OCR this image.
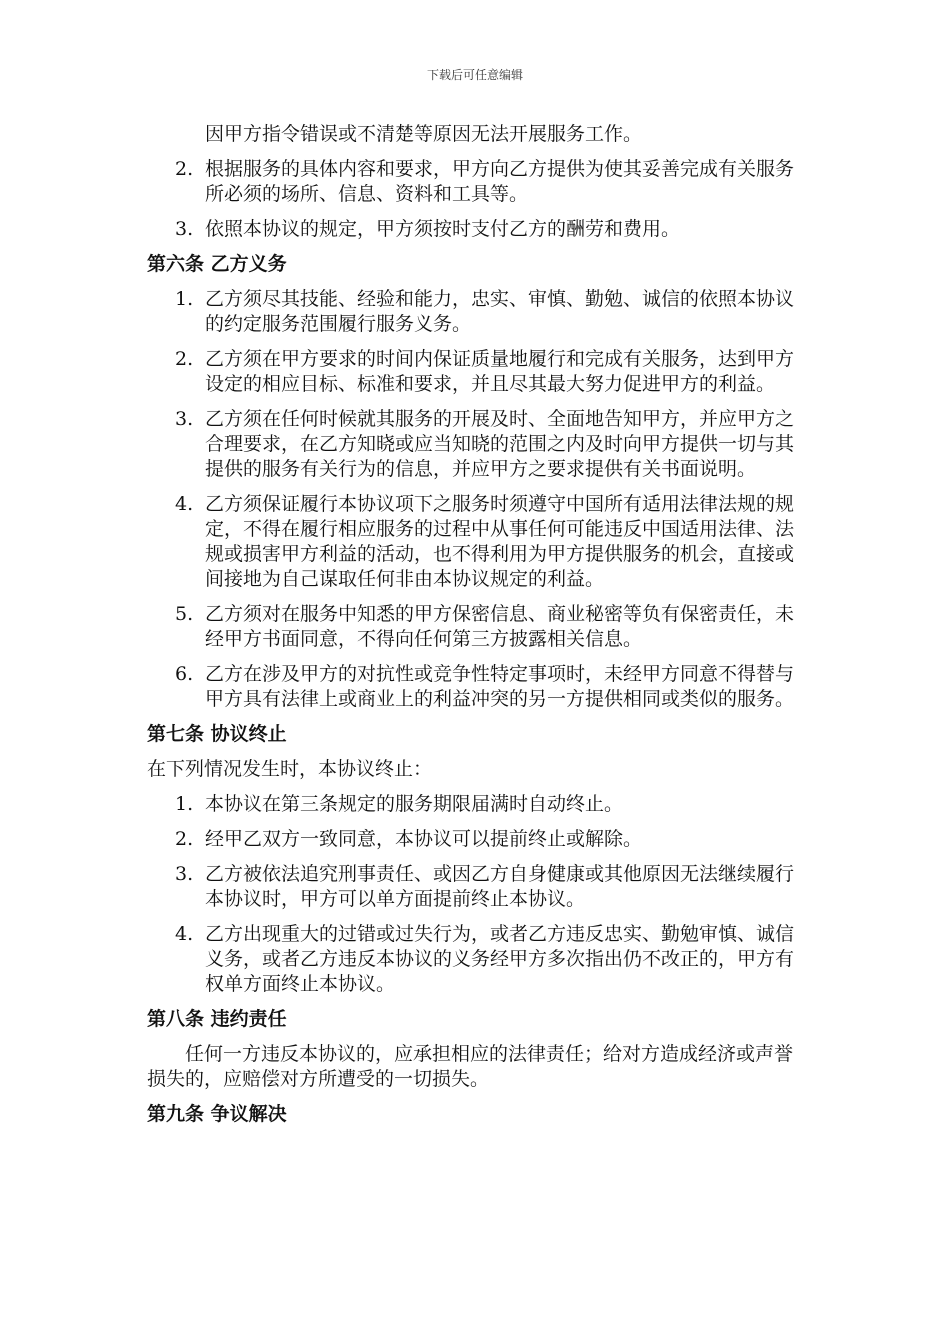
下载后可任意编辑
因甲方指令错误或不清楚等原因无法开展服务工作。
2. 根据服务的具体内容和要求，甲方向乙方提供为使其妥善完成有关服务所必须的场所、信息、资料和工具等。
3. 依照本协议的规定，甲方须按时支付乙方的酬劳和费用。
第六条 乙方义务
1. 乙方须尽其技能、经验和能力，忠实、审慎、勤勉、诚信的依照本协议的约定服务范围履行服务义务。
2. 乙方须在甲方要求的时间内保证质量地履行和完成有关服务，达到甲方设定的相应目标、标准和要求，并且尽其最大努力促进甲方的利益。
3. 乙方须在任何时候就其服务的开展及时、全面地告知甲方，并应甲方之合理要求，在乙方知晓或应当知晓的范围之内及时向甲方提供一切与其提供的服务有关行为的信息，并应甲方之要求提供有关书面说明。
4. 乙方须保证履行本协议项下之服务时须遵守中国所有适用法律法规的规定，不得在履行相应服务的过程中从事任何可能违反中国适用法律、法规或损害甲方利益的活动，也不得利用为甲方提供服务的机会，直接或间接地为自己谋取任何非由本协议规定的利益。
5. 乙方须对在服务中知悉的甲方保密信息、商业秘密等负有保密责任，未经甲方书面同意，不得向任何第三方披露相关信息。
6. 乙方在涉及甲方的对抗性或竞争性特定事项时，未经甲方同意不得替与甲方具有法律上或商业上的利益冲突的另一方提供相同或类似的服务。
第七条 协议终止
在下列情况发生时，本协议终止：
1. 本协议在第三条规定的服务期限届满时自动终止。
2. 经甲乙双方一致同意，本协议可以提前终止或解除。
3. 乙方被依法追究刑事责任、或因乙方自身健康或其他原因无法继续履行本协议时，甲方可以单方面提前终止本协议。
4. 乙方出现重大的过错或过失行为，或者乙方违反忠实、勤勉审慎、诚信义务，或者乙方违反本协议的义务经甲方多次指出仍不改正的，甲方有权单方面终止本协议。
第八条 违约责任
任何一方违反本协议的，应承担相应的法律责任；给对方造成经济或声誉损失的，应赔偿对方所遭受的一切损失。
第九条 争议解决
